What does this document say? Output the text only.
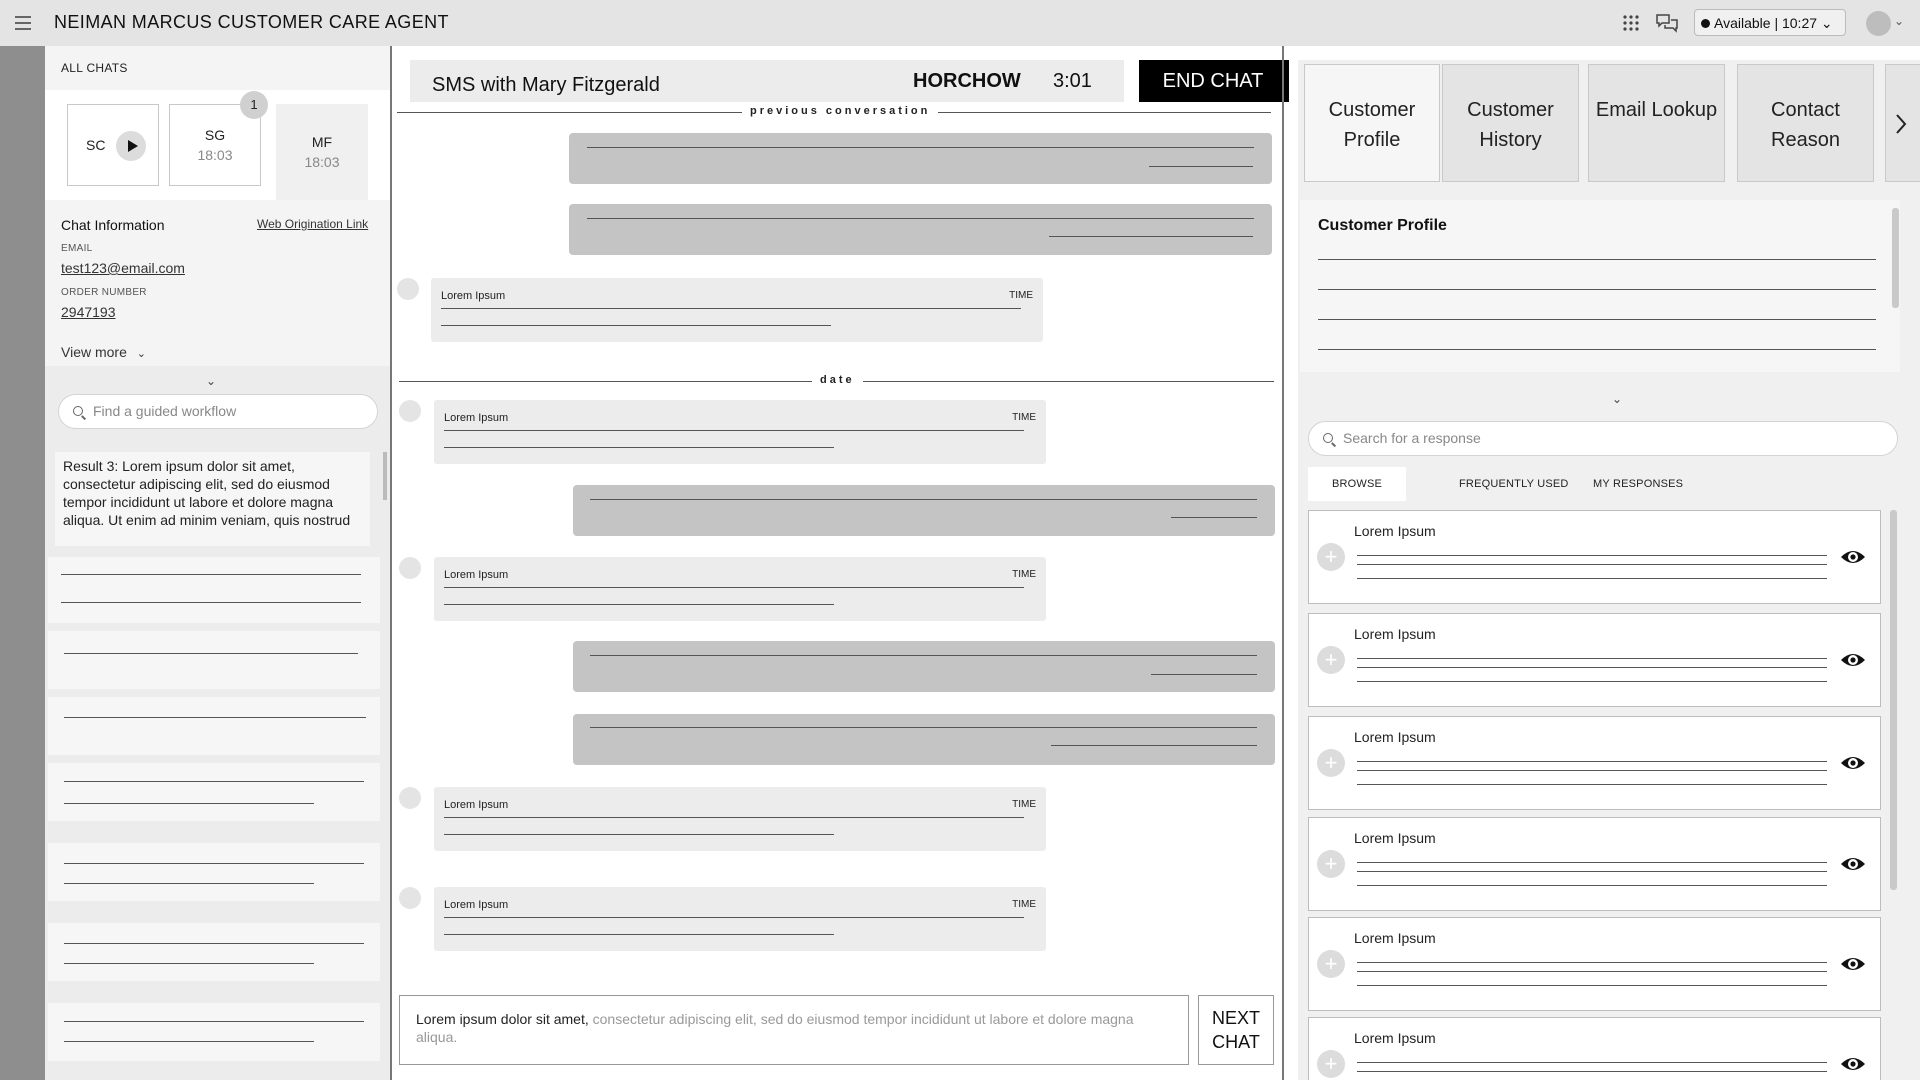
NEIMAN MARCUS CUSTOMER CARE AGENT	Available | 10:27 ⌄	⌄
ALL CHATS
SC
SG
18:03
1
MF
18:03
Chat Information	Web Origination Link
EMAIL
test123@email.com
ORDER NUMBER
2947193
View more ⌄
⌄
Find a guided workflow
Result 3: Lorem ipsum dolor sit amet, consectetur adipiscing elit, sed do eiusmod tempor incididunt ut labore et dolore magna aliqua. Ut enim ad minim veniam, quis nostrud
SMS with Mary Fitzgerald	HORCHOW 3:01	END CHAT
previous conversation
Lorem Ipsum	TIME
date
Lorem Ipsum	TIME
Lorem Ipsum	TIME
Lorem Ipsum	TIME
Lorem Ipsum	TIME
Lorem ipsum dolor sit amet, consectetur adipiscing elit, sed do eiusmod tempor incididunt ut labore et dolore magna aliqua.
NEXT CHAT
Customer Profile
Customer History
Email Lookup	Contact Reason
Customer Profile
⌄
Search for a response
BROWSE	FREQUENTLY USED MY RESPONSES
Lorem Ipsum
+
Lorem Ipsum
+
Lorem Ipsum
+
Lorem Ipsum
+
Lorem Ipsum
+
Lorem Ipsum
+
